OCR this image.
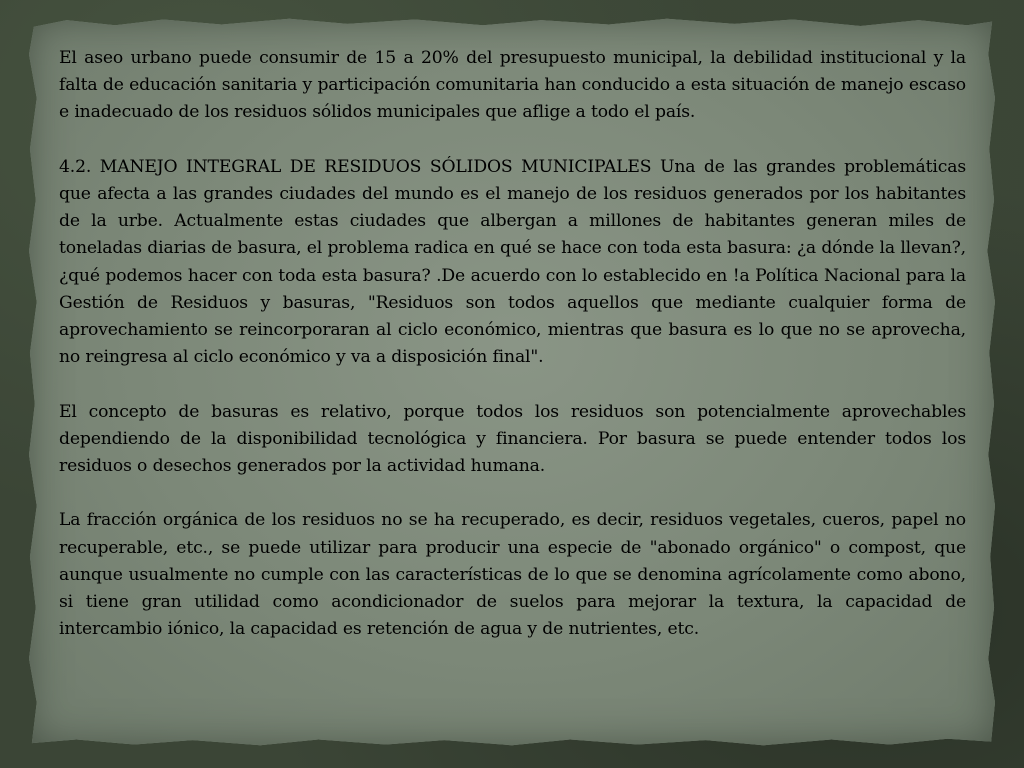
El aseo urbano puede consumir de 15 a 20% del presupuesto municipal, la debilidad institucional y la falta de educación sanitaria y participación comunitaria han conducido a esta situación de manejo escaso e inadecuado de los residuos sólidos municipales que aflige a todo el país.

4.2. MANEJO INTEGRAL DE RESIDUOS SÓLIDOS MUNICIPALES Una de las grandes problemáticas que afecta a las grandes ciudades del mundo es el manejo de los residuos generados por los habitantes de la urbe. Actualmente estas ciudades que albergan a millones de habitantes generan miles de toneladas diarias de basura, el problema radica en qué se hace con toda esta basura: ¿a dónde la llevan?, ¿qué podemos hacer con toda esta basura? .De acuerdo con lo establecido en !a Política Nacional para la Gestión de Residuos y basuras, "Residuos son todos aquellos que mediante cualquier forma de aprovechamiento se reincorporaran al ciclo económico, mientras que basura es lo que no se aprovecha, no reingresa al ciclo económico y va a disposición final".

El concepto de basuras es relativo, porque todos los residuos son potencialmente aprovechables dependiendo de la disponibilidad tecnológica y financiera. Por basura se puede entender todos los residuos o desechos generados por la actividad humana.

La fracción orgánica de los residuos no se ha recuperado, es decir, residuos vegetales, cueros, papel no recuperable, etc., se puede utilizar para producir una especie de "abonado orgánico" o compost, que aunque usualmente no cumple con las características de lo que se denomina agrícolamente como abono, si tiene gran utilidad como acondicionador de suelos para mejorar la textura, la capacidad de intercambio iónico, la capacidad es retención de agua y de nutrientes, etc.
